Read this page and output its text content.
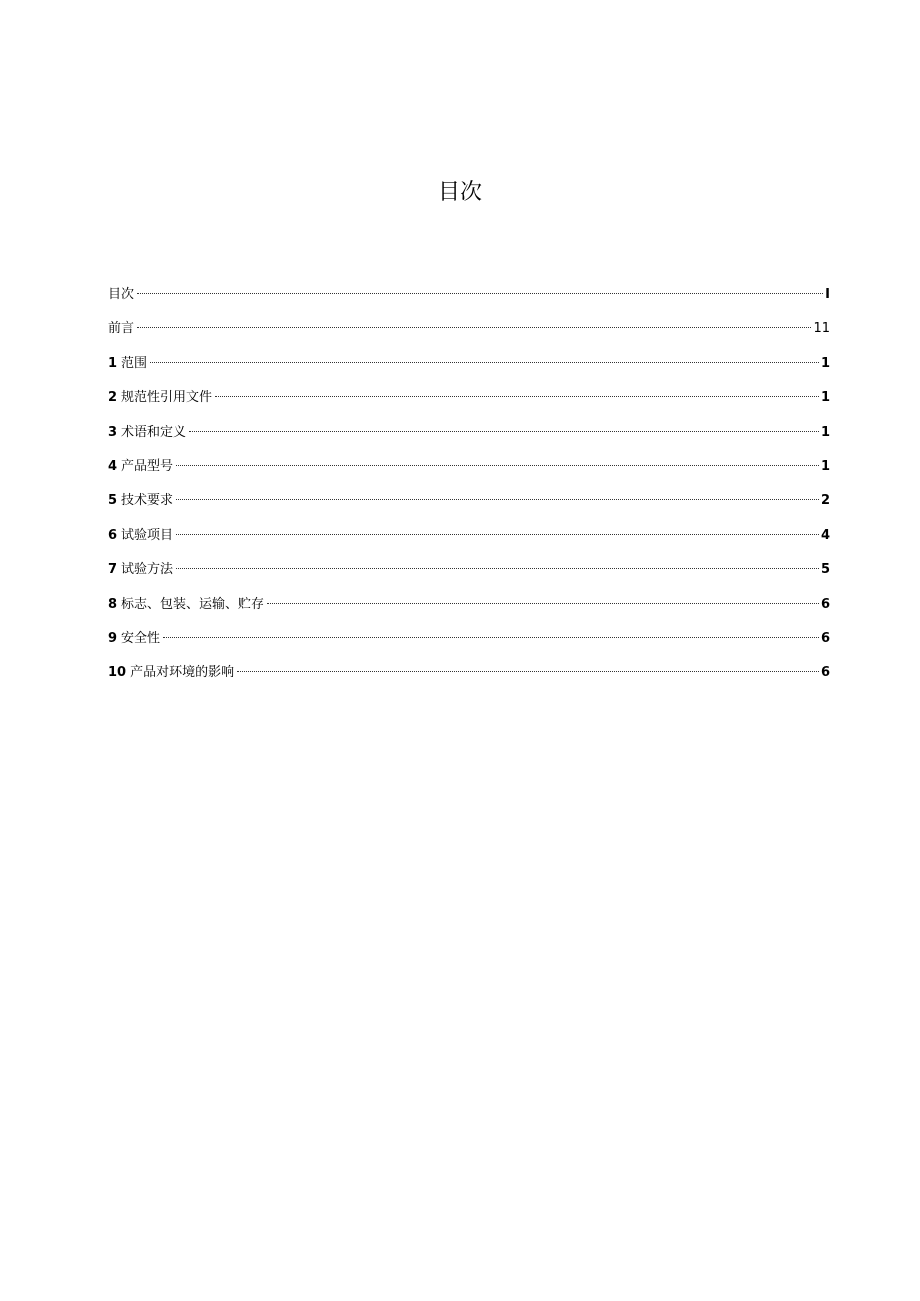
目次
目次	I
前言	11
1 范围	1
2 规范性引用文件	1
3 术语和定义	1
4 产品型号	1
5 技术要求	2
6 试验项目	4
7 试验方法	5
8 标志、包装、运输、贮存	6
9 安全性	6
10 产品对环境的影响	6
